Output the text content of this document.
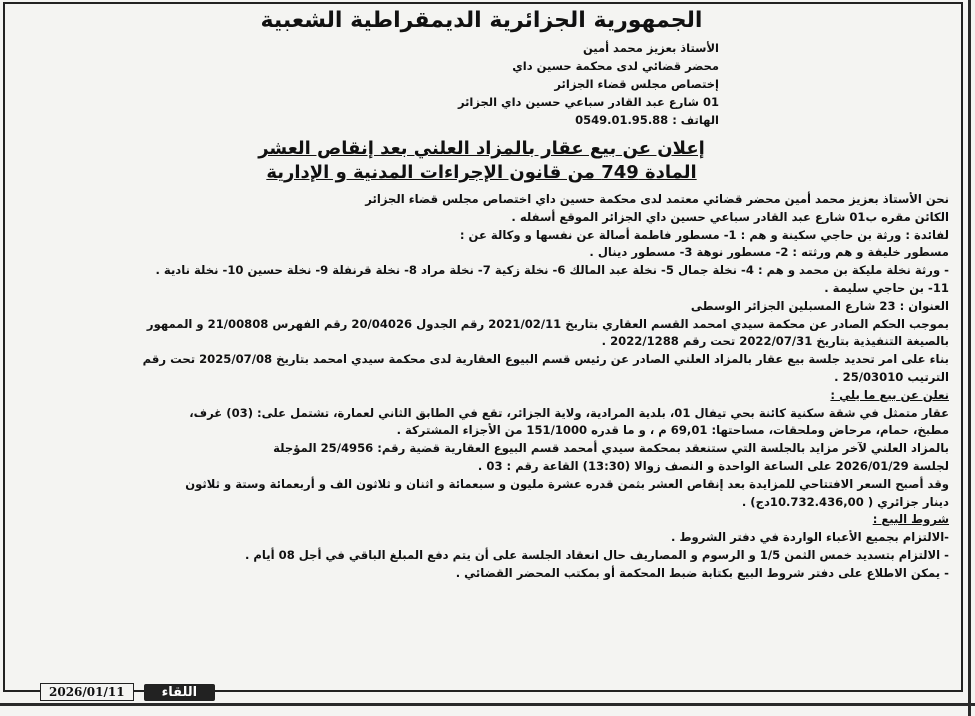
الجمهورية الجزائرية الديمقراطية الشعبية
الأستاذ بعزيز محمد أمين
محضر قضائي لدى محكمة حسين داي
إختصاص مجلس قضاء الجزائر
01 شارع عبد القادر سباعي حسين داي الجزائر
الهاتف : 0549.01.95.88
إعلان عن بيع عقار بالمزاد العلني بعد إنقاص العشر
المادة 749 من قانون الإجراءات المدنية و الإدارية

نحن الأستاذ بعزيز محمد أمين محضر قضائي معتمد لدى محكمة حسين داي اختصاص مجلس قضاء الجزائر

الكائن مقره ب01 شارع عبد القادر سباعي حسين داي الجزائر الموقع أسفله .

لفائدة : ورثة بن حاجي سكينة و هم : 1- مسطور فاطمة أصالة عن نفسها و وكالة عن :

مسطور خليفة و هم ورثته : 2- مسطور نوهة 3- مسطور دينال .

- ورثة نخلة مليكة بن محمد و هم : 4- نخلة جمال 5- نخلة عبد المالك 6- نخلة زكية 7- نخلة مراد 8- نخلة قرنفلة 9- نخلة حسين 10- نخلة نادية .

11- بن حاجي سليمة .

العنوان : 23 شارع المسبلين الجزائر الوسطى

بموجب الحكم الصادر عن محكمة سيدي امحمد القسم العقاري بتاريخ 2021/02/11 رقم الجدول 20/04026 رقم الفهرس 21/00808 و الممهور

بالصيغة التنفيذية بتاريخ 2022/07/31 تحت رقم 2022/1288 .

بناء على امر تحديد جلسة بيع عقار بالمزاد العلني الصادر عن رئيس قسم البيوع العقارية لدى محكمة سيدي امحمد بتاريخ 2025/07/08 تحت رقم

الترتيب 25/03010 .

نعلن عن بيع ما يلي :

عقار متمثل في شقة سكنية كائنة بحي تيفال 01، بلدية المرادية، ولاية الجزائر، تقع في الطابق الثاني لعمارة، تشتمل على: (03) غرف،

مطبخ، حمام، مرحاض وملحقات، مساحتها: 69,01 م ، و ما قدره 151/1000 من الأجزاء المشتركة .

بالمزاد العلني لآخر مزايد بالجلسة التي ستنعقد بمحكمة سيدي أمحمد قسم البيوع العقارية قضية رقم: 25/4956 المؤجلة

لجلسة 2026/01/29 على الساعة الواحدة و النصف زوالا (13:30) القاعة رقم : 03 .

وقد أصبح السعر الافتتاحي للمزايدة بعد إنقاص العشر بثمن قدره عشرة مليون و سبعمائة و اثنان و ثلاثون الف و أربعمائة وستة و ثلاثون

دينار جزائري ( 10.732.436,00دج) .

شروط البيع :

-الالتزام بجميع الأعباء الواردة في دفتر الشروط .

- الالتزام بتسديد خمس الثمن 1/5 و الرسوم و المصاريف حال انعقاد الجلسة على أن يتم دفع المبلغ الباقي في أجل 08 أيام .

- يمكن الاطلاع على دفتر شروط البيع بكتابة ضبط المحكمة أو بمكتب المحضر القضائي .

2026/01/11	اللقاء
